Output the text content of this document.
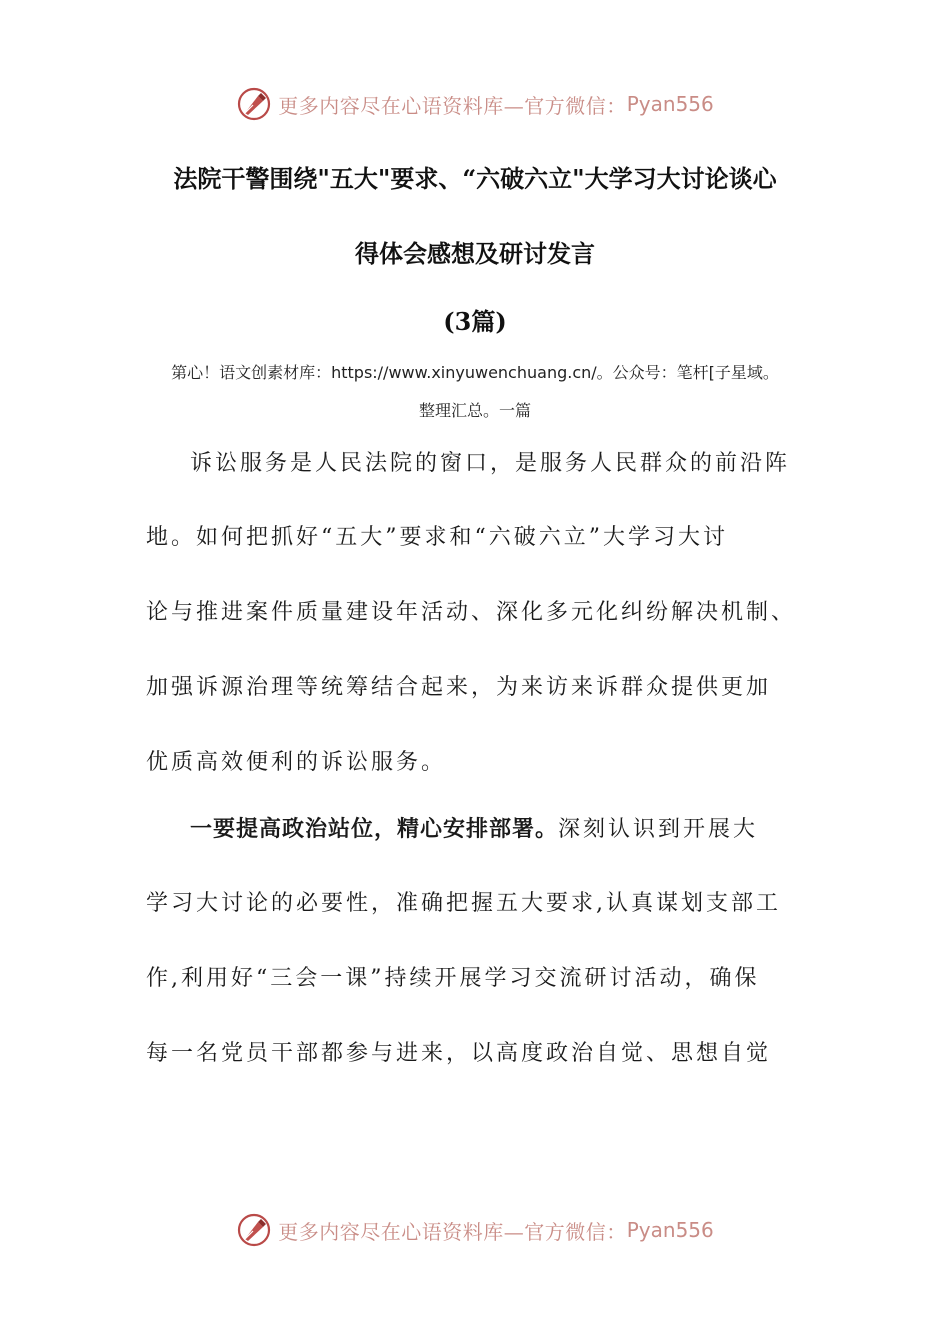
更多内容尽在心语资料库—官方微信： Pyan556
法院干警围绕"五大"要求、“六破六立"大学习大讨论谈心
得体会感想及研讨发言
(3篇)
第心！语文创素材库：https://www.xinyuwenchuang.cn/。公众号：笔杆[子星域。
整理汇总。一篇
诉讼服务是人民法院的窗口，是服务人民群众的前沿阵
地。如何把抓好“五大”要求和“六破六立”大学习大讨
论与推进案件质量建设年活动、深化多元化纠纷解决机制、
加强诉源治理等统筹结合起来，为来访来诉群众提供更加
优质高效便利的诉讼服务。
一要提高政治站位，精心安排部署。深刻认识到开展大
学习大讨论的必要性，准确把握五大要求,认真谋划支部工
作,利用好“三会一课”持续开展学习交流研讨活动，确保
每一名党员干部都参与进来，以高度政治自觉、思想自觉
更多内容尽在心语资料库—官方微信： Pyan556
